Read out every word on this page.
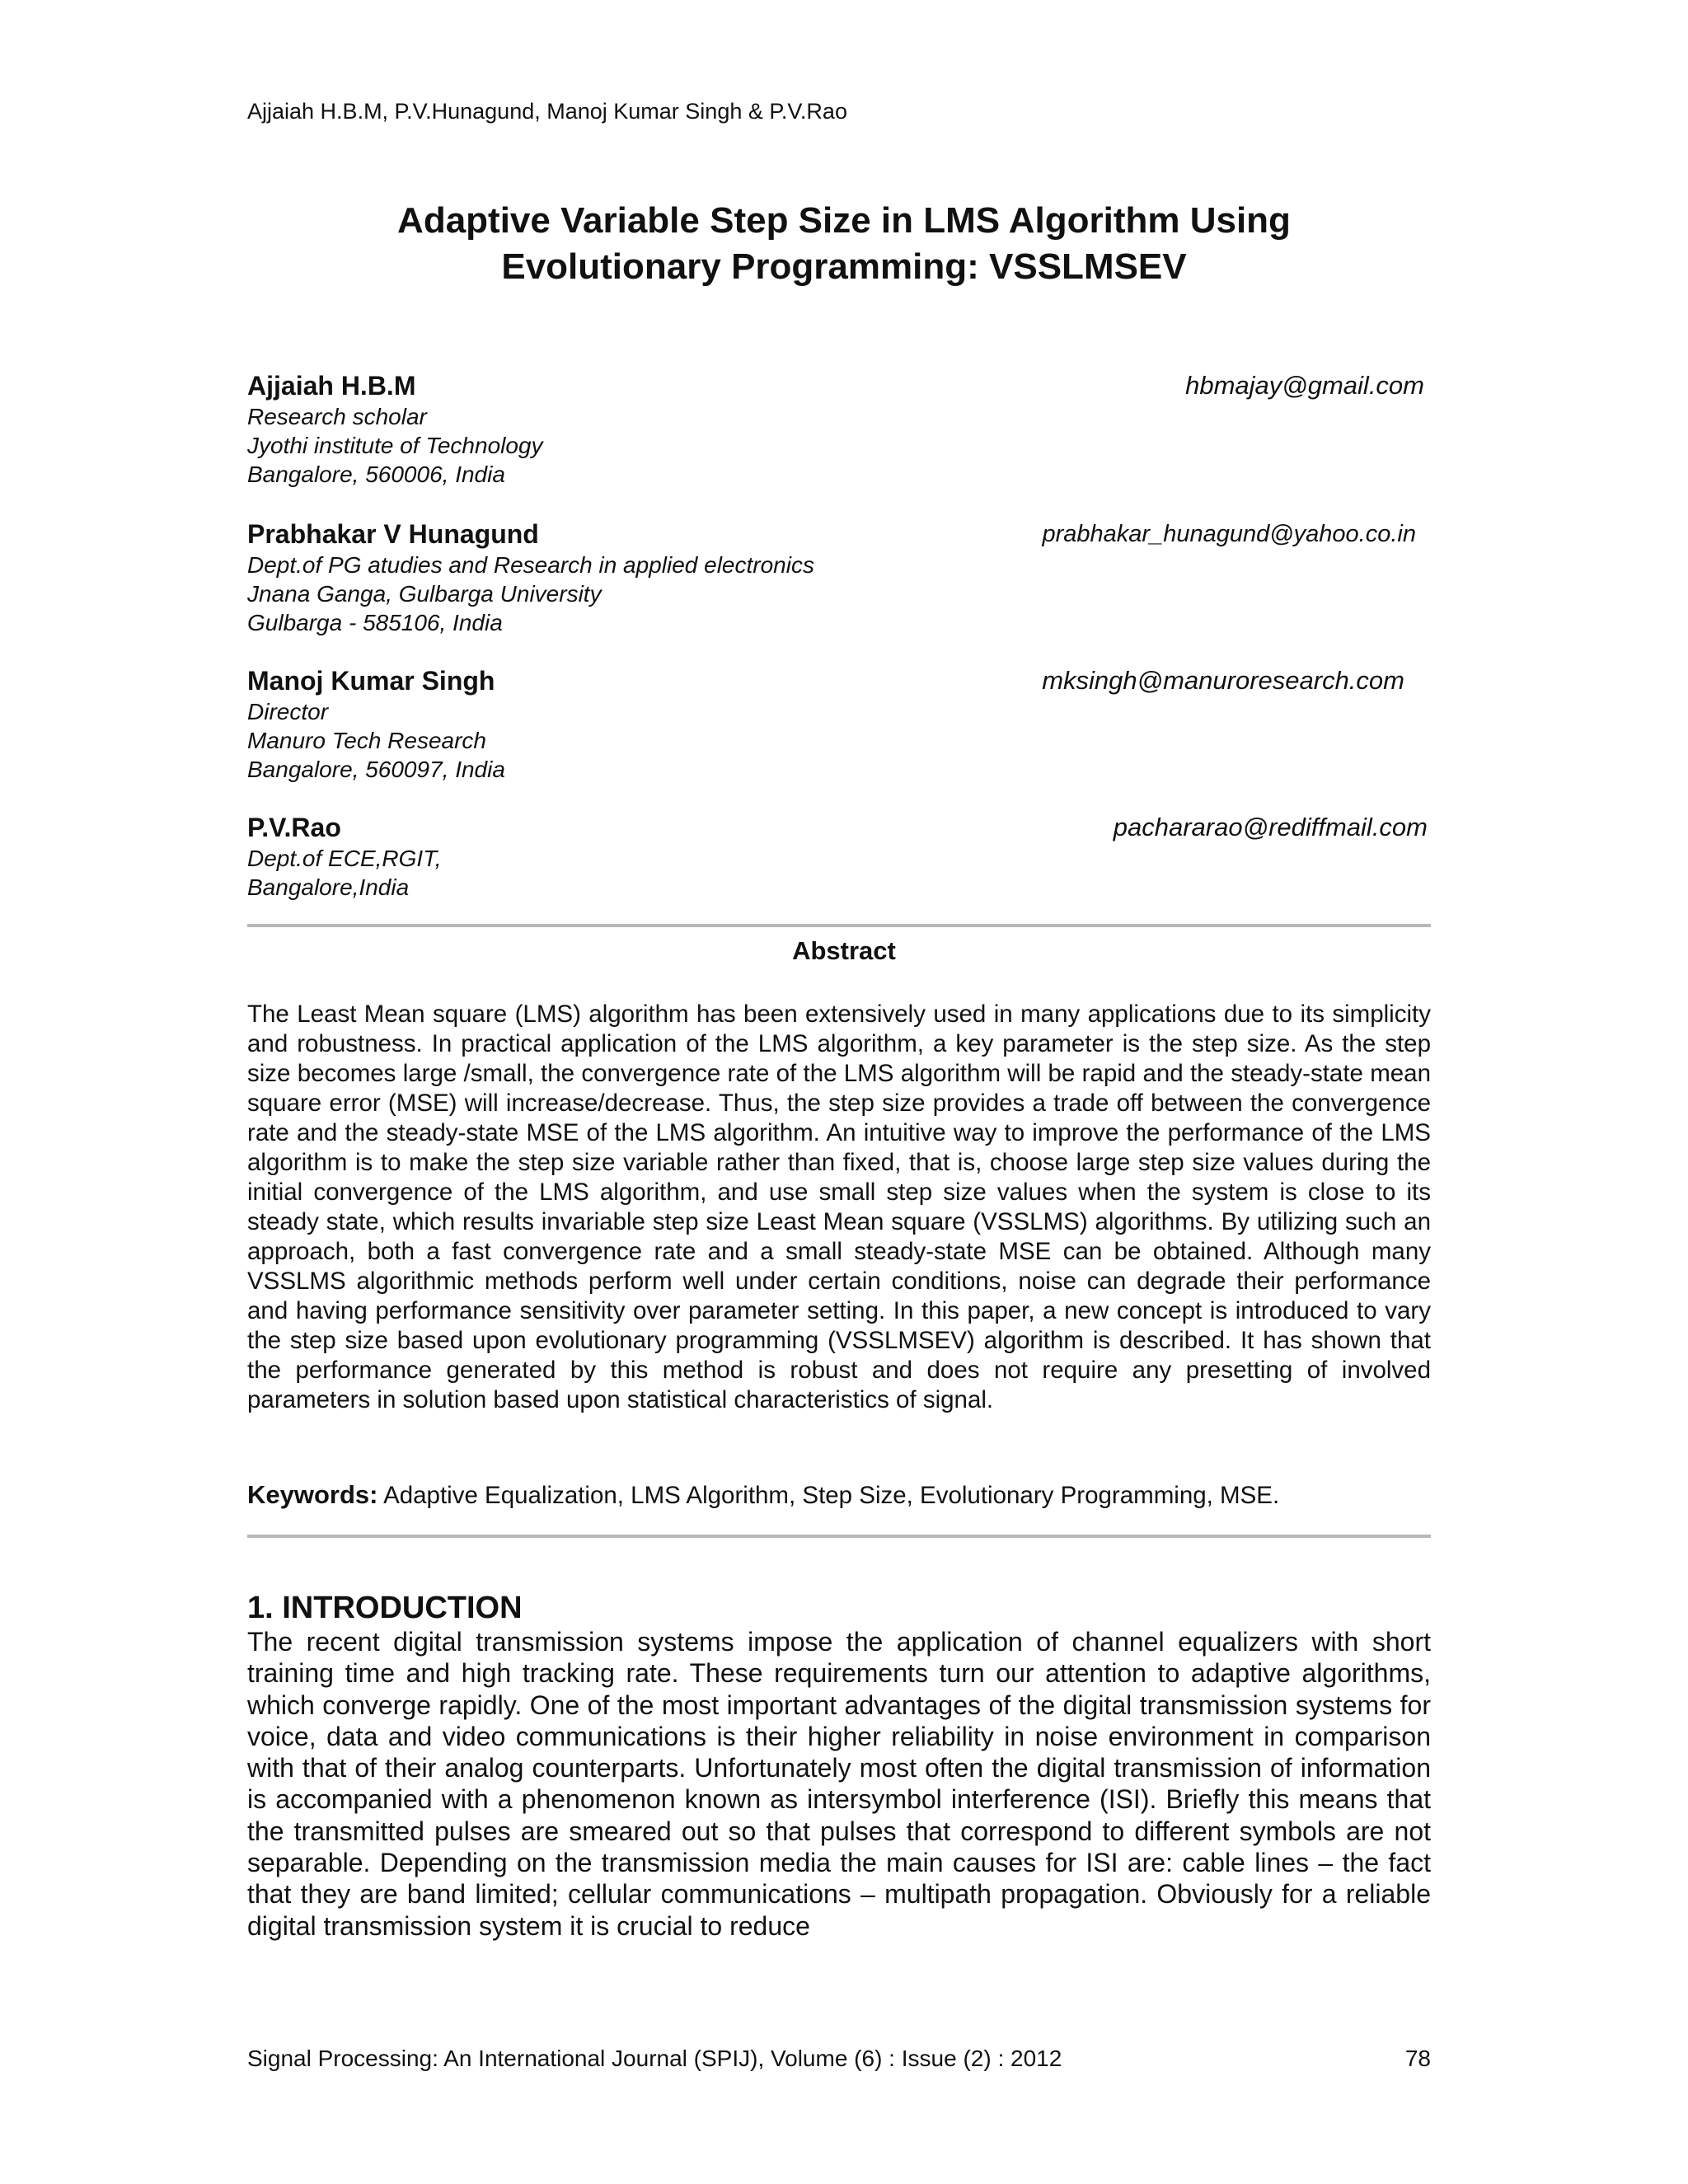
Ajjaiah H.B.M, P.V.Hunagund, Manoj Kumar Singh & P.V.Rao
Adaptive Variable Step Size in LMS Algorithm Using
Evolutionary Programming: VSSLMSEV
Ajjaiah H.B.M
Research scholar
Jyothi institute of Technology
Bangalore, 560006, India
hbmajay@gmail.com
Prabhakar V Hunagund
Dept.of PG atudies and Research in applied electronics
Jnana Ganga, Gulbarga University
Gulbarga - 585106, India
prabhakar_hunagund@yahoo.co.in
Manoj Kumar Singh
Director
Manuro Tech Research
Bangalore, 560097, India
mksingh@manuroresearch.com
P.V.Rao
Dept.of ECE,RGIT,
Bangalore,India
pachararao@rediffmail.com
Abstract
The Least Mean square (LMS) algorithm has been extensively used in many applications due to its simplicity and robustness. In practical application of the LMS algorithm, a key parameter is the step size. As the step size becomes large /small, the convergence rate of the LMS algorithm will be rapid and the steady-state mean square error (MSE) will increase/decrease. Thus, the step size provides a trade off between the convergence rate and the steady-state MSE of the LMS algorithm. An intuitive way to improve the performance of the LMS algorithm is to make the step size variable rather than fixed, that is, choose large step size values during the initial convergence of the LMS algorithm, and use small step size values when the system is close to its steady state, which results invariable step size Least Mean square (VSSLMS) algorithms. By utilizing such an approach, both a fast convergence rate and a small steady-state MSE can be obtained. Although many VSSLMS algorithmic methods perform well under certain conditions, noise can degrade their performance and having performance sensitivity over parameter setting. In this paper, a new concept is introduced to vary the step size based upon evolutionary programming (VSSLMSEV) algorithm is described. It has shown that the performance generated by this method is robust and does not require any presetting of involved parameters in solution based upon statistical characteristics of signal.
Keywords: Adaptive Equalization, LMS Algorithm, Step Size, Evolutionary Programming, MSE.
1. INTRODUCTION
The recent digital transmission systems impose the application of channel equalizers with short training time and high tracking rate. These requirements turn our attention to adaptive algorithms, which converge rapidly. One of the most important advantages of the digital transmission systems for voice, data and video communications is their higher reliability in noise environment in comparison with that of their analog counterparts. Unfortunately most often the digital transmission of information is accompanied with a phenomenon known as intersymbol interference (ISI). Briefly this means that the transmitted pulses are smeared out so that pulses that correspond to different symbols are not separable. Depending on the transmission media the main causes for ISI are: cable lines – the fact that they are band limited; cellular communications – multipath propagation. Obviously for a reliable digital transmission system it is crucial to reduce
Signal Processing: An International Journal (SPIJ), Volume (6) : Issue (2) : 2012	78
